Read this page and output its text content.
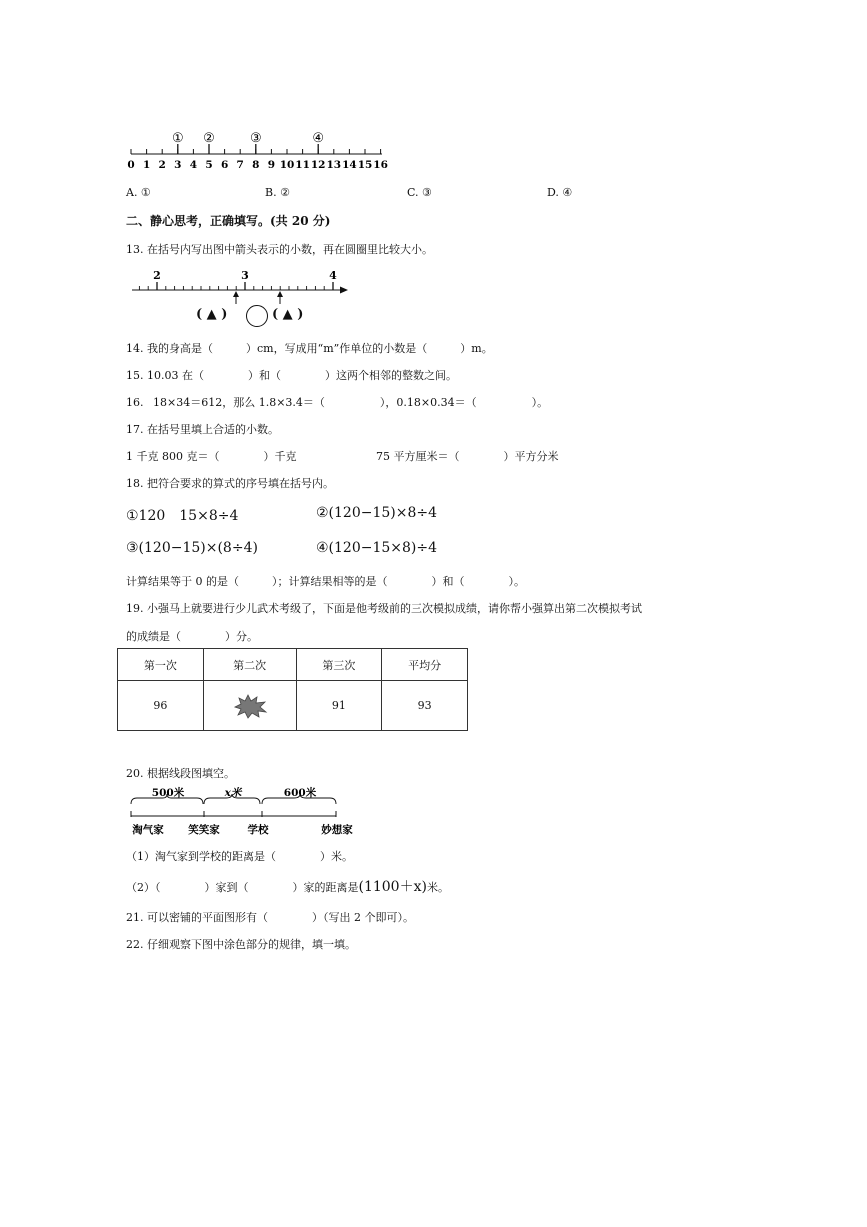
0 1 2 3 4 5 6 7 8 9 10 11 12 13 14 15 16
① ②	③	④
A. ①	B. ②	C. ③	D. ④
二、静心思考，正确填写。(共 20 分)
13. 在括号内写出图中箭头表示的小数，再在圆圈里比较大小。
2	3	4
( ▲ )	( ▲ )
14. 我的身高是（　　　）cm，写成用“m”作单位的小数是（　　　）m。
15. 10.03 在（　　　　）和（　　　　）这两个相邻的整数之间。
16. 18×34＝612，那么 1.8×3.4＝（　　　　　），0.18×0.34＝（　　　　　）。
17. 在括号里填上合适的小数。
1 千克 800 克＝（　　　　）千克	75 平方厘米＝（　　　　）平方分米
18. 把符合要求的算式的序号填在括号内。
①120　15×8÷4	②(120−15)×8÷4
③(120−15)×(8÷4)	④(120−15×8)÷4
计算结果等于 0 的是（　　　）；计算结果相等的是（　　　　）和（　　　　）。
19. 小强马上就要进行少儿武术考级了，下面是他考级前的三次模拟成绩，请你帮小强算出第二次模拟考试
的成绩是（　　　　）分。
第一次	第二次	第三次	平均分
96		91	93
20. 根据线段图填空。
500米	x米	600米
淘气家 笑笑家	学校	妙想家
（1）淘气家到学校的距离是（　　　　）米。
（2）（　　　　）家到（　　　　）家的距离是(1100＋x)米。
21. 可以密铺的平面图形有（　　　　）（写出 2 个即可）。
22. 仔细观察下图中涂色部分的规律，填一填。
